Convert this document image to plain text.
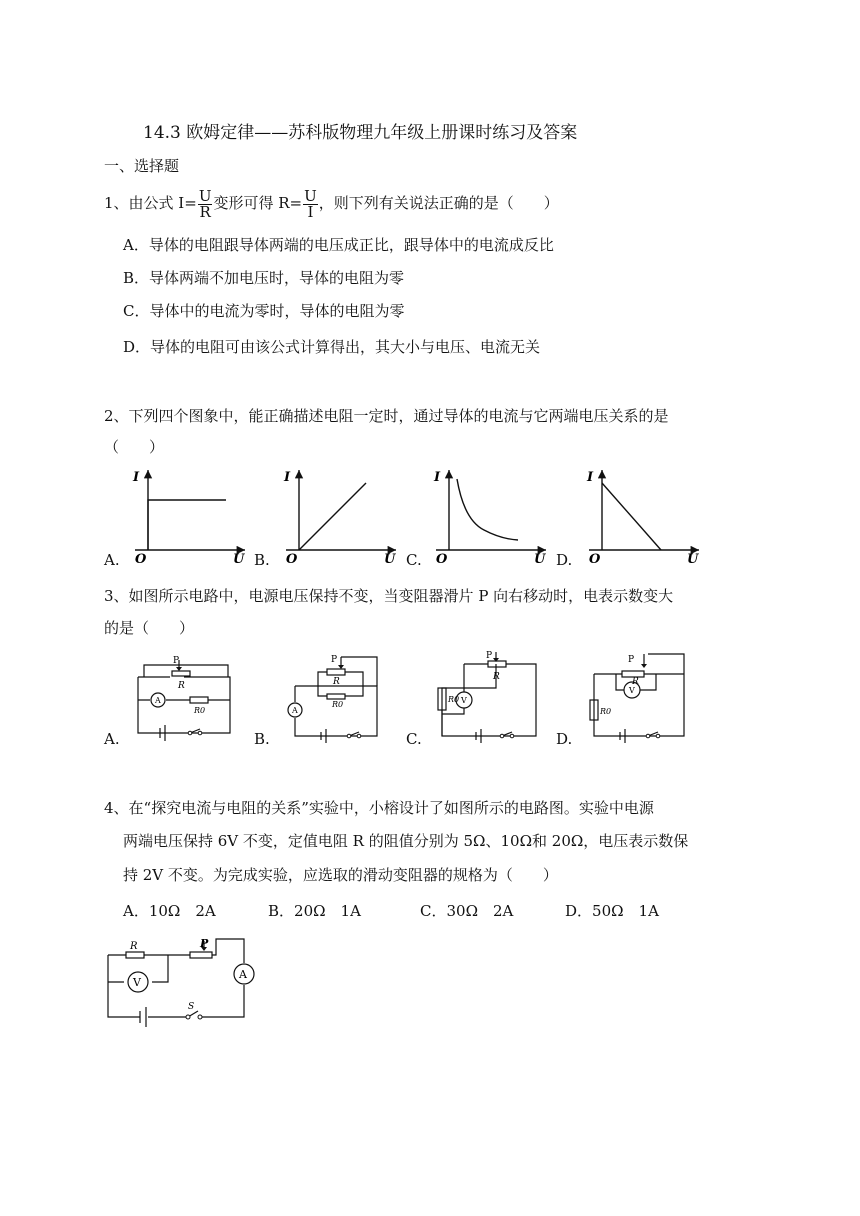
14.3 欧姆定律——苏科版物理九年级上册课时练习及答案
一、选择题
1、由公式 $I= \frac{U}{R}$ 变形可得 $R= \frac{U}{I}$ ，则下列有关说法正确的是（　　）
A．导体的电阻跟导体两端的电压成正比，跟导体中的电流成反比
B．导体两端不加电压时，导体的电阻为零
C．导体中的电流为零时，导体的电阻为零
D．导体的电阻可由该公式计算得出，其大小与电压、电流无关
2、下列四个图象中，能正确描述电阻一定时，通过导体的电流与它两端电压关系的是
（　　）
A.	B.	C.	D.
I
O	U
I
O	U
I
O	U
I
O	U
3、如图所示电路中，电源电压保持不变，当变阻器滑片 P 向右移动时，电表示数变大
的是（　　）
A.	B.	C.	D.
P
R
R0
A
P
R
R0
A
P
R
R0 V
P
R
R0
V
4、在“探究电流与电阻的关系”实验中，小榕设计了如图所示的电路图。实验中电源
两端电压保持 6V 不变，定值电阻 R 的阻值分别为 5Ω、10Ω和 20Ω，电压表示数保
持 2V 不变。为完成实验，应选取的滑动变阻器的规格为（　　）
A．10Ω　2A	B．20Ω　1A	C．30Ω　2A	D．50Ω　1A
R	P
S
A
V
